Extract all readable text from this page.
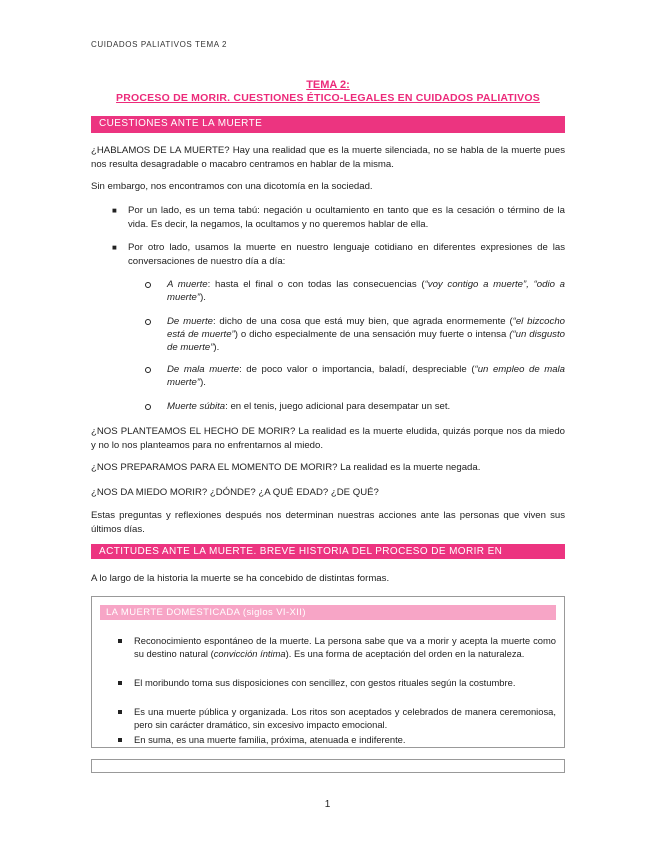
CUIDADOS PALIATIVOS TEMA 2
TEMA 2:
PROCESO DE MORIR. CUESTIONES ÉTICO-LEGALES EN CUIDADOS PALIATIVOS
CUESTIONES ANTE LA MUERTE
¿HABLAMOS DE LA MUERTE? Hay una realidad que es la muerte silenciada, no se habla de la muerte pues nos resulta desagradable o macabro centramos en hablar de la misma.
Sin embargo, nos encontramos con una dicotomía en la sociedad.
■ Por un lado, es un tema tabú: negación u ocultamiento en tanto que es la cesación o término de la vida. Es decir, la negamos, la ocultamos y no queremos hablar de ella.
■ Por otro lado, usamos la muerte en nuestro lenguaje cotidiano en diferentes expresiones de las conversaciones de nuestro día a día:
A muerte: hasta el final o con todas las consecuencias (“voy contigo a muerte”, “odio a muerte”).
De muerte: dicho de una cosa que está muy bien, que agrada enormemente (“el bizcocho está de muerte”) o dicho especialmente de una sensación muy fuerte o intensa (“un disgusto de muerte”).
De mala muerte: de poco valor o importancia, baladí, despreciable (“un empleo de mala muerte”).
Muerte súbita: en el tenis, juego adicional para desempatar un set.
¿NOS PLANTEAMOS EL HECHO DE MORIR? La realidad es la muerte eludida, quizás porque nos da miedo y no lo nos planteamos para no enfrentarnos al miedo.
¿NOS PREPARAMOS PARA EL MOMENTO DE MORIR? La realidad es la muerte negada.
¿NOS DA MIEDO MORIR? ¿DÓNDE? ¿A QUÉ EDAD? ¿DE QUÉ?
Estas preguntas y reflexiones después nos determinan nuestras acciones ante las personas que viven sus últimos días.
ACTITUDES ANTE LA MUERTE. BREVE HISTORIA DEL PROCESO DE MORIR EN OCCIDENTE
A lo largo de la historia la muerte se ha concebido de distintas formas.
LA MUERTE DOMESTICADA (siglos VI-XII)
Reconocimiento espontáneo de la muerte. La persona sabe que va a morir y acepta la muerte como su destino natural (convicción íntima). Es una forma de aceptación del orden en la naturaleza.
El moribundo toma sus disposiciones con sencillez, con gestos rituales según la costumbre.
Es una muerte pública y organizada. Los ritos son aceptados y celebrados de manera ceremoniosa, pero sin carácter dramático, sin excesivo impacto emocional.
En suma, es una muerte familia, próxima, atenuada e indiferente.
1
